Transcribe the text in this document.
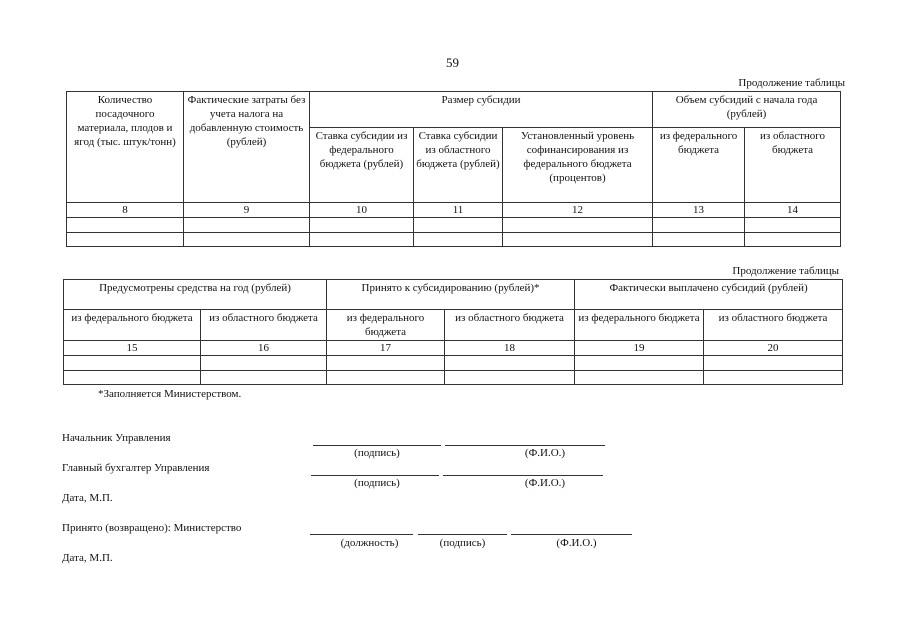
59
Продолжение таблицы
Количество посадочного материала, плодов и ягод (тыс. штук/тонн)	Фактические затраты без учета налога на добавленную стоимость (рублей)	Размер субсидии			Объем субсидий с начала года (рублей)	
		Ставка субсидии из федерального бюджета (рублей)	Ставка субсидии из областного бюджета (рублей)	Установленный уровень софинансирования из федерального бюджета (процентов)	из федерального бюджета	из областного бюджета
8	9	10	11	12	13	14

Продолжение таблицы
Предусмотрены средства на год (рублей)		Принято к субсидированию (рублей)*		Фактически выплачено субсидий (рублей)	
из федерального бюджета	из областного бюджета	из федерального бюджета	из областного бюджета	из федерального бюджета	из областного бюджета
15	16	17	18	19	20

*Заполняется Министерством.
Начальник Управления
(подпись)	(Ф.И.О.)
Главный бухгалтер Управления
(подпись)	(Ф.И.О.)
Дата, М.П.
Принято (возвращено): Министерство
(должность)	(подпись)	(Ф.И.О.)
Дата, М.П.
